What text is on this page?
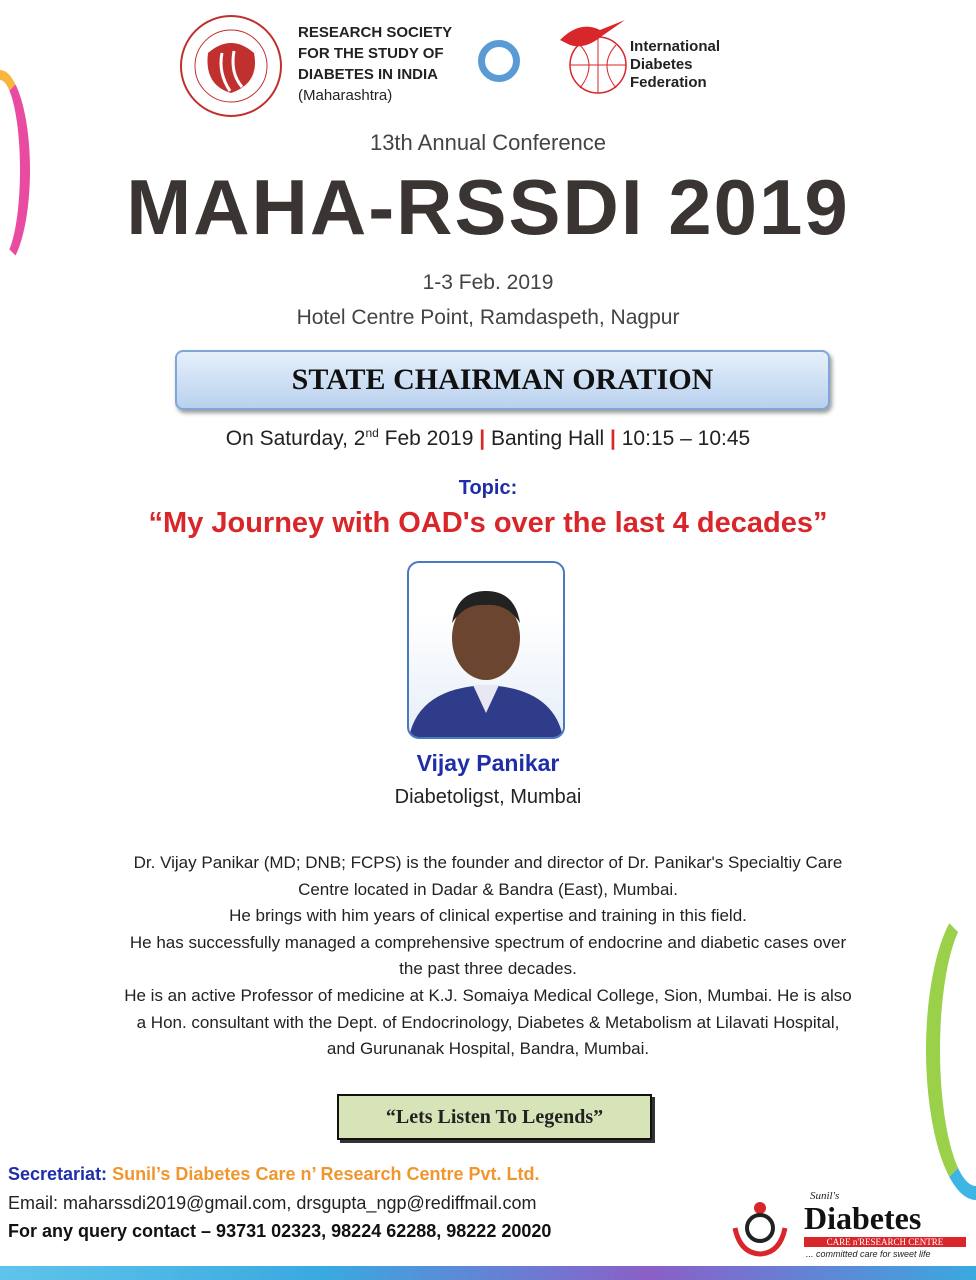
RESEARCH SOCIETY
FOR THE STUDY OF
DIABETES IN INDIA
(Maharashtra)
International
Diabetes
Federation
13th Annual Conference
MAHA-RSSDI 2019
1-3 Feb. 2019
Hotel Centre Point, Ramdaspeth, Nagpur
STATE CHAIRMAN ORATION
On Saturday, 2nd Feb 2019 | Banting Hall | 10:15 – 10:45
Topic:
“My Journey with OAD's over the last 4 decades”
Vijay Panikar
Diabetoligst, Mumbai
Dr. Vijay Panikar (MD; DNB; FCPS) is the founder and director of Dr. Panikar's Specialtiy Care
Centre located in Dadar & Bandra (East), Mumbai.
He brings with him years of clinical expertise and training in this field.
He has successfully managed a comprehensive spectrum of endocrine and diabetic cases over
the past three decades.
He is an active Professor of medicine at K.J. Somaiya Medical College, Sion, Mumbai. He is also
a Hon. consultant with the Dept. of Endocrinology, Diabetes & Metabolism at Lilavati Hospital,
and Gurunanak Hospital, Bandra, Mumbai.
“Lets Listen To Legends”
Secretariat: Sunil’s Diabetes Care n’ Research Centre Pvt. Ltd.
Email: maharssdi2019@gmail.com, drsgupta_ngp@rediffmail.com
For any query contact – 93731 02323, 98224 62288, 98222 20020
Sunil's
Diabetes
CARE n'RESEARCH CENTRE
... committed care for sweet life
